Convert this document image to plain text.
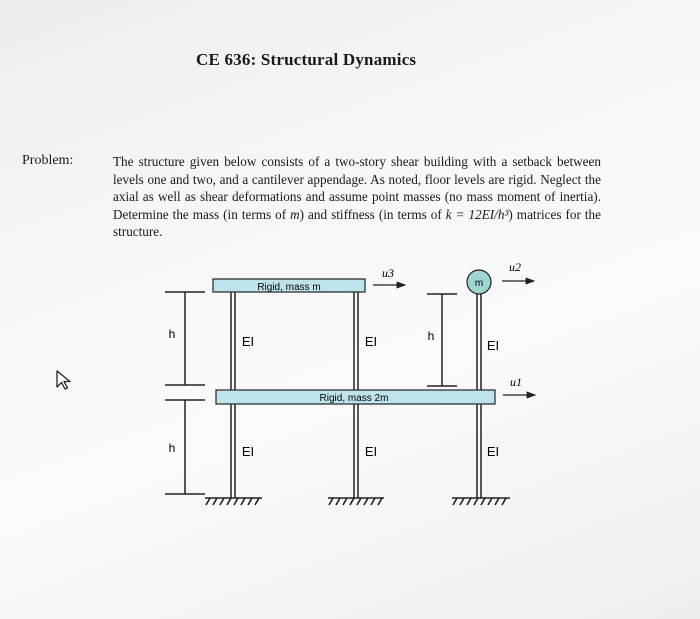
CE 636: Structural Dynamics
Problem:	The structure given below consists of a two-story shear building with a setback between levels one and two, and a cantilever appendage. As noted, floor levels are rigid. Neglect the axial as well as shear deformations and assume point masses (no mass moment of inertia). Determine the mass (in terms of m) and stiffness (in terms of k = 12EI/h³) matrices for the structure.
m
Rigid, mass m
Rigid, mass 2m
h
h
h
EI	EI	EI
EI	EI	EI
u3	u2
u1
